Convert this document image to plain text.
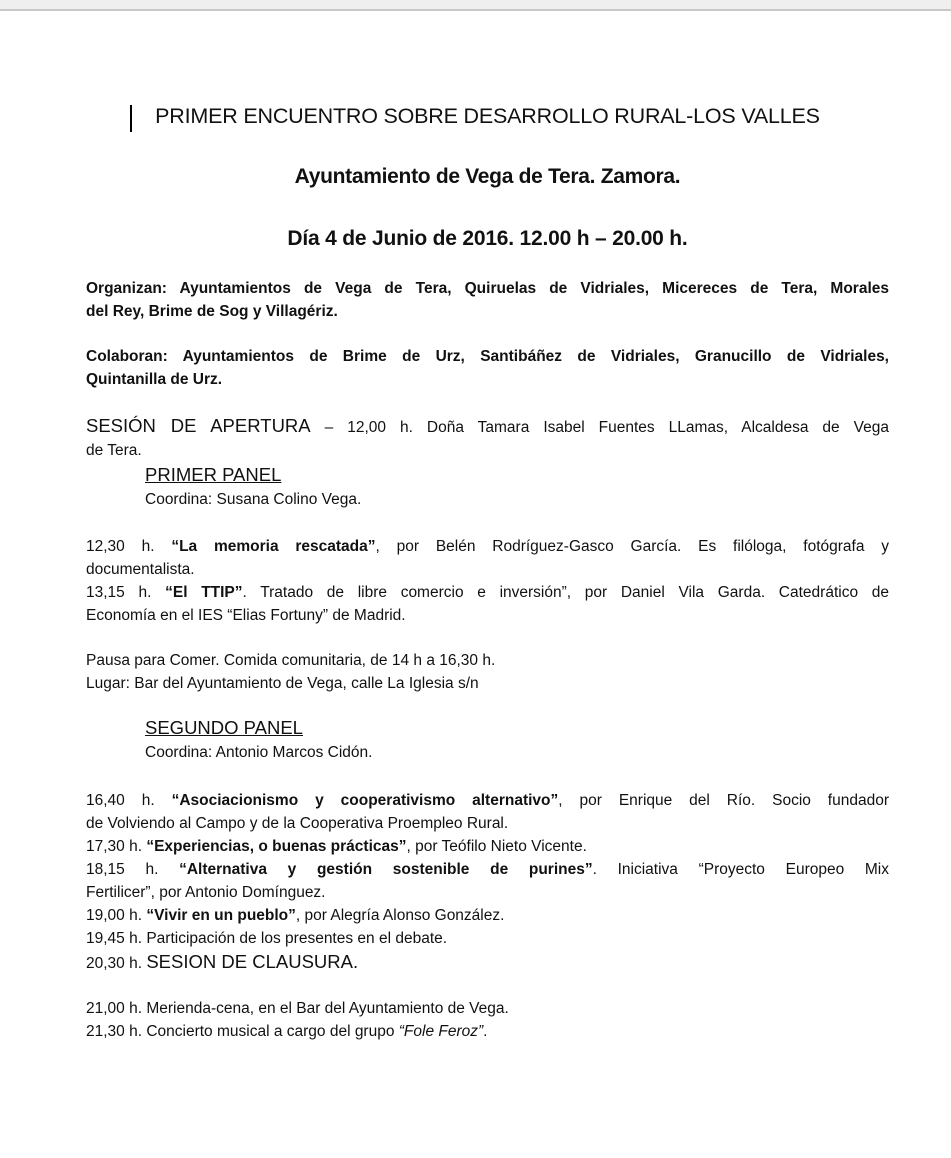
PRIMER ENCUENTRO SOBRE DESARROLLO RURAL-LOS VALLES
Ayuntamiento de Vega de Tera. Zamora.
Día 4 de Junio de 2016. 12.00 h – 20.00 h.
Organizan: Ayuntamientos de Vega de Tera, Quiruelas de Vidriales, Micereces de Tera, Morales
del Rey, Brime de Sog y Villagériz.
Colaboran: Ayuntamientos de Brime de Urz, Santibáñez de Vidriales, Granucillo de Vidriales,
Quintanilla de Urz.
SESIÓN DE APERTURA – 12,00 h. Doña Tamara Isabel Fuentes LLamas, Alcaldesa de Vega
de Tera.
PRIMER PANEL
Coordina: Susana Colino Vega.
12,30 h. “La memoria rescatada”, por Belén Rodríguez-Gasco García. Es filóloga, fotógrafa y
documentalista.
13,15 h. “El TTIP”. Tratado de libre comercio e inversión”, por Daniel Vila Garda. Catedrático de
Economía en el IES “Elias Fortuny” de Madrid.
Pausa para Comer. Comida comunitaria, de 14 h a 16,30 h.
Lugar: Bar del Ayuntamiento de Vega, calle La Iglesia s/n
SEGUNDO PANEL
Coordina: Antonio Marcos Cidón.
16,40 h. “Asociacionismo y cooperativismo alternativo”, por Enrique del Río. Socio fundador
de Volviendo al Campo y de la Cooperativa Proempleo Rural.
17,30 h. “Experiencias, o buenas prácticas”, por Teófilo Nieto Vicente.
18,15 h. “Alternativa y gestión sostenible de purines”. Iniciativa “Proyecto Europeo Mix
Fertilicer”, por Antonio Domínguez.
19,00 h. “Vivir en un pueblo”, por Alegría Alonso González.
19,45 h. Participación de los presentes en el debate.
20,30 h. SESION DE CLAUSURA.
21,00 h. Merienda-cena, en el Bar del Ayuntamiento de Vega.
21,30 h. Concierto musical a cargo del grupo “Fole Feroz”.
